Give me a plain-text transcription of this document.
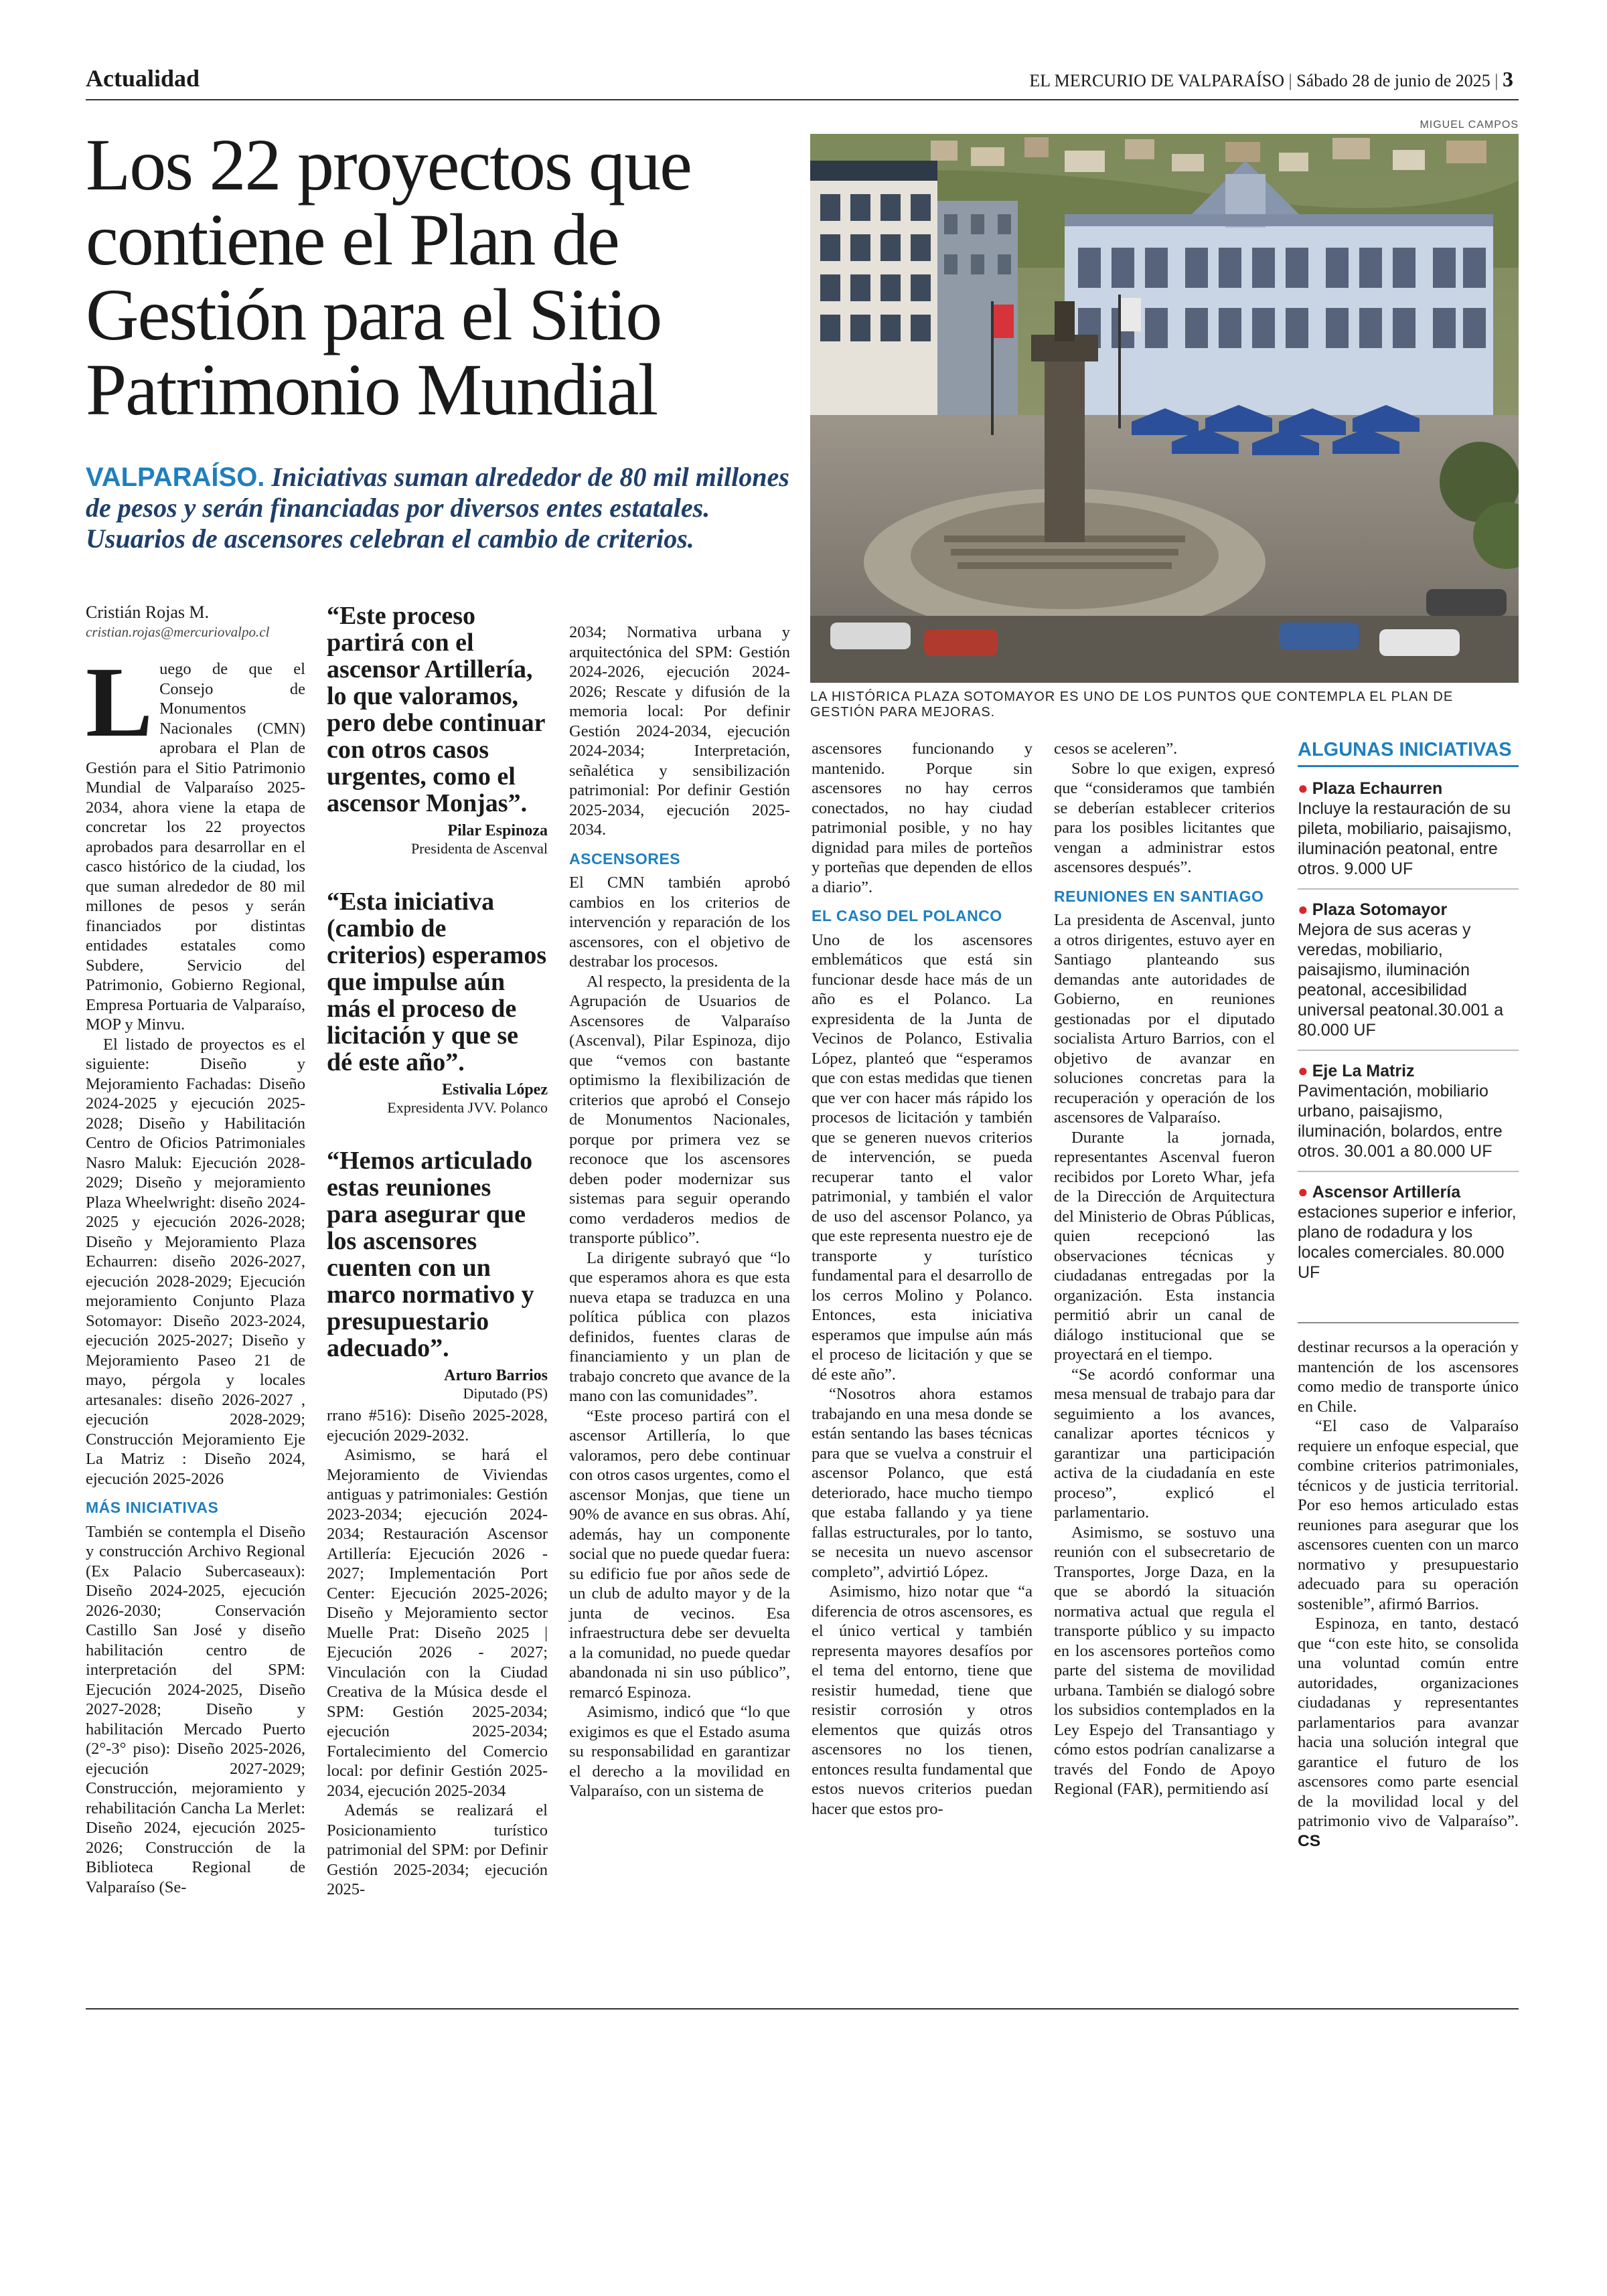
Actualidad	EL MERCURIO DE VALPARAÍSO | Sábado 28 de junio de 2025 | 3
Los 22 proyectos que contiene el Plan de Gestión para el Sitio Patrimonio Mundial
VALPARAÍSO. Iniciativas suman alrededor de 80 mil millones de pesos y serán financiadas por diversos entes estatales. Usuarios de ascensores celebran el cambio de criterios.
MIGUEL CAMPOS
LA HISTÓRICA PLAZA SOTOMAYOR ES UNO DE LOS PUNTOS QUE CONTEMPLA EL PLAN DE GESTIÓN PARA MEJORAS.
Cristián Rojas M.
cristian.rojas@mercuriovalpo.cl

Luego de que el Consejo de Monumentos Nacionales (CMN) aprobara el Plan de Gestión para el Sitio Patrimonio Mundial de Valparaíso 2025-2034, ahora viene la etapa de concretar los 22 proyectos aprobados para desarrollar en el casco histórico de la ciudad, los que suman alrededor de 80 mil millones de pesos y serán financiados por distintas entidades estatales como Subdere, Servicio del Patrimonio, Gobierno Regional, Empresa Portuaria de Valparaíso, MOP y Minvu.

El listado de proyectos es el siguiente: Diseño y Mejoramiento Fachadas: Diseño 2024-2025 y ejecución 2025-2028; Diseño y Habilitación Centro de Oficios Patrimoniales Nasro Maluk: Ejecución 2028-2029; Diseño y mejoramiento Plaza Wheelwright: diseño 2024-2025 y ejecución 2026-2028; Diseño y Mejoramiento Plaza Echaurren: diseño 2026-2027, ejecución 2028-2029; Ejecución mejoramiento Conjunto Plaza Sotomayor: Diseño 2023-2024, ejecución 2025-2027; Diseño y Mejoramiento Paseo 21 de mayo, pérgola y locales artesanales: diseño 2026-2027 , ejecución 2028-2029; Construcción Mejoramiento Eje La Matriz : Diseño 2024, ejecución 2025-2026

MÁS INICIATIVAS

También se contempla el Diseño y construcción Archivo Regional (Ex Palacio Subercaseaux): Diseño 2024-2025, ejecución 2026-2030; Conservación Castillo San José y diseño habilitación centro de interpretación del SPM: Ejecución 2024-2025, Diseño 2027-2028; Diseño y habilitación Mercado Puerto (2°-3° piso): Diseño 2025-2026, ejecución 2027-2029; Construcción, mejoramiento y rehabilitación Cancha La Merlet: Diseño 2024, ejecución 2025-2026; Construcción de la Biblioteca Regional de Valparaíso (Se-

“Este proceso partirá con el ascensor Artillería, lo que valoramos, pero debe continuar con otros casos urgentes, como el ascensor Monjas”.

Pilar Espinoza
Presidenta de Ascenval

“Esta iniciativa (cambio de criterios) esperamos que impulse aún más el proceso de licitación y que se dé este año”.

Estivalia López
Expresidenta JVV. Polanco

“Hemos articulado estas reuniones para asegurar que los ascensores cuenten con un marco normativo y presupuestario adecuado”.

Arturo Barrios
Diputado (PS)

rrano #516): Diseño 2025-2028, ejecución 2029-2032.

Asimismo, se hará el Mejoramiento de Viviendas antiguas y patrimoniales: Gestión 2023-2034; ejecución 2024-2034; Restauración Ascensor Artillería: Ejecución 2026 - 2027; Implementación Port Center: Ejecución 2025-2026; Diseño y Mejoramiento sector Muelle Prat: Diseño 2025 | Ejecución 2026 - 2027; Vinculación con la Ciudad Creativa de la Música desde el SPM: Gestión 2025-2034; ejecución 2025-2034; Fortalecimiento del Comercio local: por definir Gestión 2025-2034, ejecución 2025-2034

Además se realizará el Posicionamiento turístico patrimonial del SPM: por Definir Gestión 2025-2034; ejecución 2025-

2034; Normativa urbana y arquitectónica del SPM: Gestión 2024-2026, ejecución 2024-2026; Rescate y difusión de la memoria local: Por definir Gestión 2024-2034, ejecución 2024-2034; Interpretación, señalética y sensibilización patrimonial: Por definir Gestión 2025-2034, ejecución 2025-2034.

ASCENSORES

El CMN también aprobó cambios en los criterios de intervención y reparación de los ascensores, con el objetivo de destrabar los procesos.

Al respecto, la presidenta de la Agrupación de Usuarios de Ascensores de Valparaíso (Ascenval), Pilar Espinoza, dijo que “vemos con bastante optimismo la flexibilización de criterios que aprobó el Consejo de Monumentos Nacionales, porque por primera vez se reconoce que los ascensores deben poder modernizar sus sistemas para seguir operando como verdaderos medios de transporte público”.

La dirigente subrayó que “lo que esperamos ahora es que esta nueva etapa se traduzca en una política pública con plazos definidos, fuentes claras de financiamiento y un plan de trabajo concreto que avance de la mano con las comunidades”.

“Este proceso partirá con el ascensor Artillería, lo que valoramos, pero debe continuar con otros casos urgentes, como el ascensor Monjas, que tiene un 90% de avance en sus obras. Ahí, además, hay un componente social que no puede quedar fuera: su edificio fue por años sede de un club de adulto mayor y de la junta de vecinos. Esa infraestructura debe ser devuelta a la comunidad, no puede quedar abandonada ni sin uso público”, remarcó Espinoza.

Asimismo, indicó que “lo que exigimos es que el Estado asuma su responsabilidad en garantizar el derecho a la movilidad en Valparaíso, con un sistema de

ascensores funcionando y mantenido. Porque sin ascensores no hay cerros conectados, no hay ciudad patrimonial posible, y no hay dignidad para miles de porteños y porteñas que dependen de ellos a diario”.

EL CASO DEL POLANCO

Uno de los ascensores emblemáticos que está sin funcionar desde hace más de un año es el Polanco. La expresidenta de la Junta de Vecinos de Polanco, Estivalia López, planteó que “esperamos que con estas medidas que tienen que ver con hacer más rápido los procesos de licitación y también que se generen nuevos criterios de intervención, se pueda recuperar tanto el valor patrimonial, y también el valor de uso del ascensor Polanco, ya que este representa nuestro eje de transporte y turístico fundamental para el desarrollo de los cerros Molino y Polanco. Entonces, esta iniciativa esperamos que impulse aún más el proceso de licitación y que se dé este año”.

“Nosotros ahora estamos trabajando en una mesa donde se están sentando las bases técnicas para que se vuelva a construir el ascensor Polanco, que está deteriorado, hace mucho tiempo que estaba fallando y ya tiene fallas estructurales, por lo tanto, se necesita un nuevo ascensor completo”, advirtió López.

Asimismo, hizo notar que “a diferencia de otros ascensores, es el único vertical y también representa mayores desafíos por el tema del entorno, tiene que resistir humedad, tiene que resistir corrosión y otros elementos que quizás otros ascensores no los tienen, entonces resulta fundamental que estos nuevos criterios puedan hacer que estos pro-

cesos se aceleren”.

Sobre lo que exigen, expresó que “consideramos que también se deberían establecer criterios para los posibles licitantes que vengan a administrar estos ascensores después”.

REUNIONES EN SANTIAGO

La presidenta de Ascenval, junto a otros dirigentes, estuvo ayer en Santiago planteando sus demandas ante autoridades de Gobierno, en reuniones gestionadas por el diputado socialista Arturo Barrios, con el objetivo de avanzar en soluciones concretas para la recuperación y operación de los ascensores de Valparaíso.

Durante la jornada, representantes Ascenval fueron recibidos por Loreto Whar, jefa de la Dirección de Arquitectura del Ministerio de Obras Públicas, quien recepcionó las observaciones técnicas y ciudadanas entregadas por la organización. Esta instancia permitió abrir un canal de diálogo institucional que se proyectará en el tiempo.

“Se acordó conformar una mesa mensual de trabajo para dar seguimiento a los avances, canalizar aportes técnicos y garantizar una participación activa de la ciudadanía en este proceso”, explicó el parlamentario.

Asimismo, se sostuvo una reunión con el subsecretario de Transportes, Jorge Daza, en la que se abordó la situación normativa actual que regula el transporte público y su impacto en los ascensores porteños como parte del sistema de movilidad urbana. También se dialogó sobre los subsidios contemplados en la Ley Espejo del Transantiago y cómo estos podrían canalizarse a través del Fondo de Apoyo Regional (FAR), permitiendo así

ALGUNAS INICIATIVAS
● Plaza Echaurren
Incluye la restauración de su pileta, mobiliario, paisajismo, iluminación peatonal, entre otros. 9.000 UF
● Plaza Sotomayor
Mejora de sus aceras y veredas, mobiliario, paisajismo, iluminación peatonal, accesibilidad universal peatonal.30.001 a 80.000 UF
● Eje La Matriz
Pavimentación, mobiliario urbano, paisajismo, iluminación, bolardos, entre otros. 30.001 a 80.000 UF
● Ascensor Artillería
estaciones superior e inferior, plano de rodadura y los locales comerciales. 80.000 UF

destinar recursos a la operación y mantención de los ascensores como medio de transporte único en Chile.

“El caso de Valparaíso requiere un enfoque especial, que combine criterios patrimoniales, técnicos y de justicia territorial. Por eso hemos articulado estas reuniones para asegurar que los ascensores cuenten con un marco normativo y presupuestario adecuado para su operación sostenible”, afirmó Barrios.

Espinoza, en tanto, destacó que “con este hito, se consolida una voluntad común entre autoridades, organizaciones ciudadanas y representantes parlamentarios para avanzar hacia una solución integral que garantice el futuro de los ascensores como parte esencial de la movilidad local y del patrimonio vivo de Valparaíso”. CS
